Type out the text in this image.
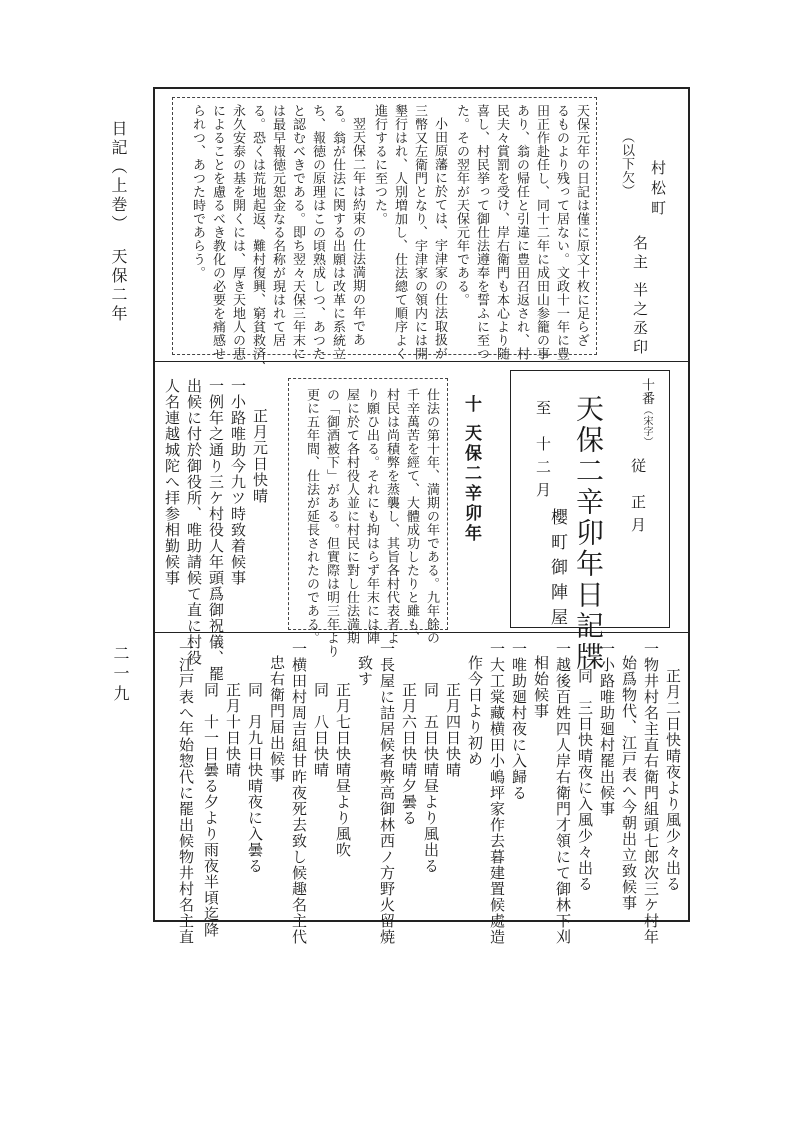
日記（上巻）天保二年
二一九
（以下欠） 村松町
名主 半之丞印
天保元年の日記は僅に原文十枚に足らざ
るものより残って居ない。文政十一年に豊
田正作赴任し、同十二年に成田山参籠の事
あり、翁の帰任と引違に豊田召返され、村
民夫々賞罰を受け、岸右衛門も本心より随
喜し、村民挙って御仕法遵奉を誓ふに至つ
た。その翌年が天保元年である。
小田原藩に於ては、宇津家の仕法取扱が
三幣又左衛門となり、宇津家の領内には開
墾行はれ、人別増加し、仕法總て順序よく
進行するに至つた。
翌天保二年は約束の仕法満期の年であ
る。翁が仕法に関する出願は改革に系統立
ち、報徳の原理はこの頃熟成しつ、あつた
と認むべきである。即ち翌々天保三年末に
は最早報徳元恕金なる名称が現はれて居
る。恐くは荒地起返、難村復興、窮貧救済、
永久安泰の基を開くには、厚き天地人の恵
によることを慮るべき教化の必要を痛感せ
られつ、あつた時であらう。
十番（宋字）
従 正月
天保二辛卯年日記牒
至 十二月
櫻町御陣屋
十 天保二辛卯年
仕法の第十年、満期の年である。九年餘の
千辛萬苦を經て、大體成功したりと雖も、
村民は尚積弊を蒸襲し、其旨各村代表者よ
り願ひ出る。それにも拘はらず年末には陣
屋に於て各村役人並に村民に對し仕法満期
の「御酒被下」がある。但實際は明三年より
更に五年間、仕法が延長されたのである。
正月元日快晴
一小路唯助今九ツ時致着候事
一例年之通り三ケ村役人年頭爲御祝儀、罷
出候に付於御役所、唯助請候て直に村役
人名連越城陀へ拝参相勤候事
正月二日快晴夜より風少々出る
一物井村名主直右衛門組頭七郎次三ケ村年
始爲物代、江戸表へ今朝出立致候事
一小路唯助廻村罷出候事
同　三日快晴夜に入風少々出る
一越後百姓四人岸右衛門才領にて御林下刈
相始候事
一唯助廻村夜に入歸る
一大工棠藏横田小嶋坪家作去暮建置候處造
作今日より初め
正月四日快晴
同　五日快晴昼より風出る
正月六日快晴夕曇る
一長屋に詰居候者弊高御林西ノ方野火留焼
致す
正月七日快晴昼より風吹
同　八日快晴
一横田村周吉組甘昨夜死去致し候趣名主代
忠右衛門届出候事
同　月九日快晴夜に入曇る
正月十日快晴
同　十一日曇る夕より雨夜半頃迄降
一江戸表へ年始惣代に罷出候物井村名主直
